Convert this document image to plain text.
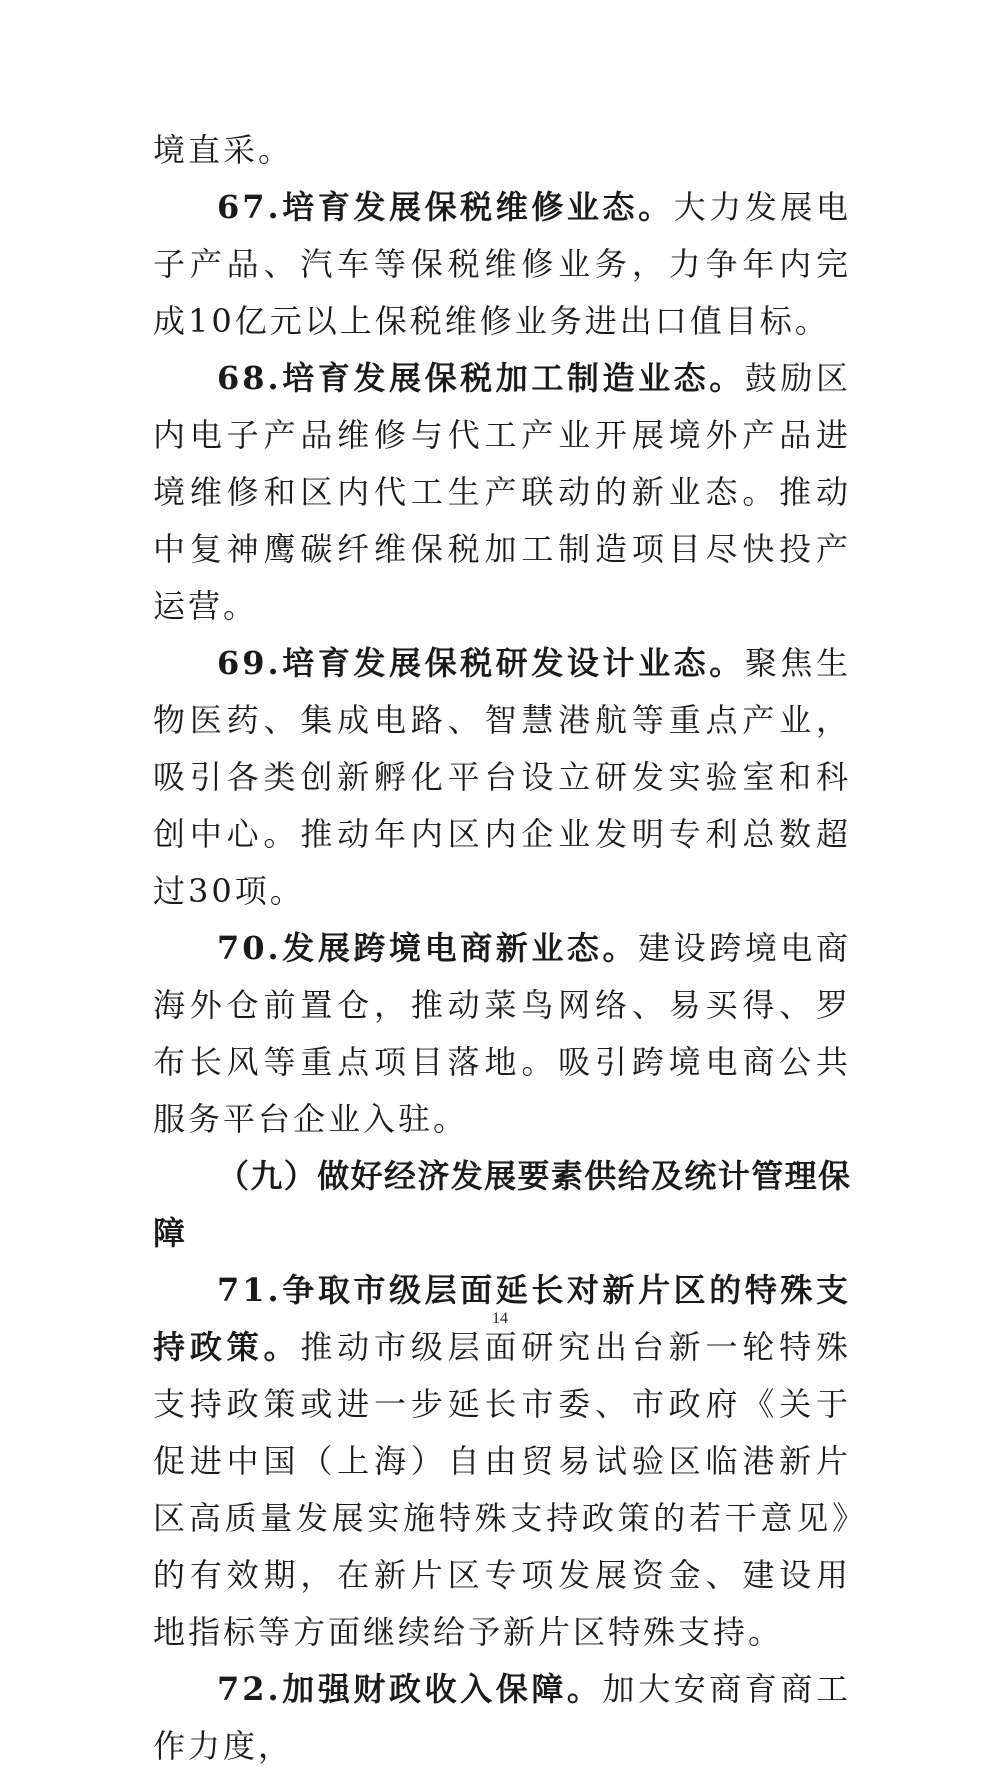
境直采。

67.培育发展保税维修业态。大力发展电子产品、汽车等保税维修业务，力争年内完成10亿元以上保税维修业务进出口值目标。

68.培育发展保税加工制造业态。鼓励区内电子产品维修与代工产业开展境外产品进境维修和区内代工生产联动的新业态。推动中复神鹰碳纤维保税加工制造项目尽快投产运营。

69.培育发展保税研发设计业态。聚焦生物医药、集成电路、智慧港航等重点产业，吸引各类创新孵化平台设立研发实验室和科创中心。推动年内区内企业发明专利总数超过30项。

70.发展跨境电商新业态。建设跨境电商海外仓前置仓，推动菜鸟网络、易买得、罗布长风等重点项目落地。吸引跨境电商公共服务平台企业入驻。

（九）做好经济发展要素供给及统计管理保障

71.争取市级层面延长对新片区的特殊支持政策。推动市级层面研究出台新一轮特殊支持政策或进一步延长市委、市政府《关于促进中国（上海）自由贸易试验区临港新片区高质量发展实施特殊支持政策的若干意见》的有效期，在新片区专项发展资金、建设用地指标等方面继续给予新片区特殊支持。

72.加强财政收入保障。加大安商育商工作力度，

14
